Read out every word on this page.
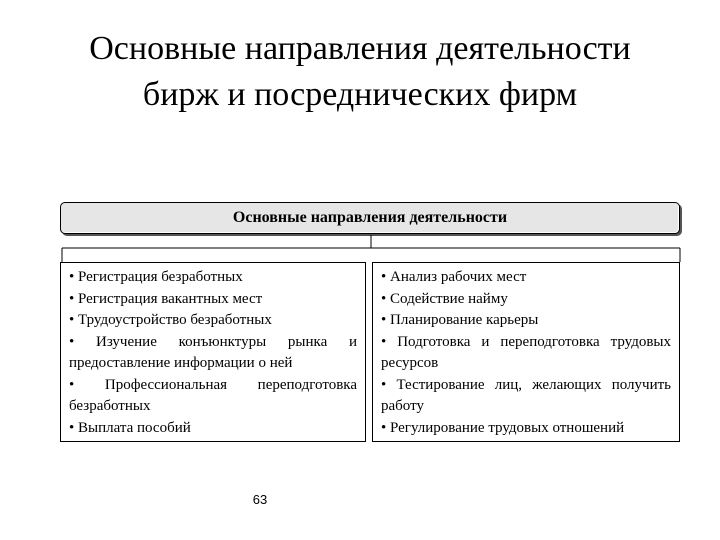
Основные направления деятельности
бирж и посреднических фирм
Основные направления деятельности
• Регистрация безработных
• Регистрация вакантных мест
• Трудоустройство безработных
• Изучение конъюнктуры рынка и предоставление информации о ней
• Профессиональная переподготовка безработных
• Выплата пособий
• Анализ рабочих мест
• Содействие найму
• Планирование карьеры
• Подготовка и переподготовка трудовых ресурсов
• Тестирование лиц, желающих получить работу
• Регулирование трудовых отношений
63
